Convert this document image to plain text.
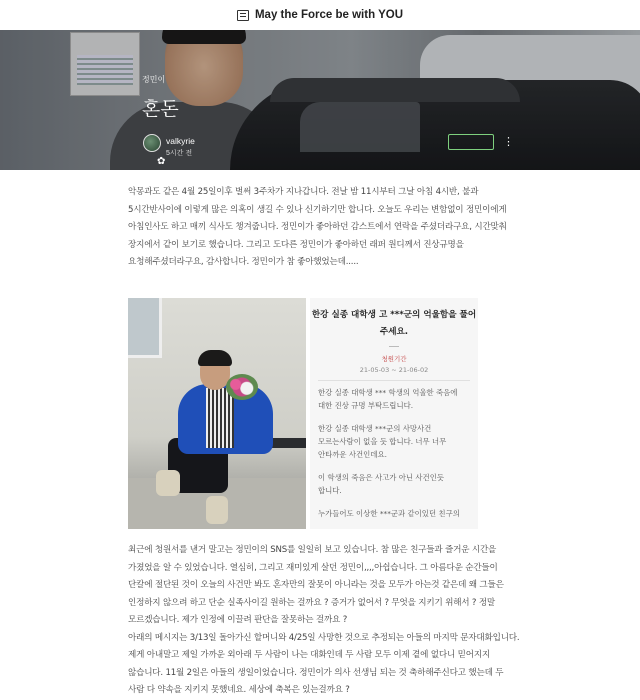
May the Force be with YOU
정민이
혼돈
valkyrie
5시간 전
✿
⋮

악몽과도 같은 4월 25일이후 벌써 3주차가 지나갑니다. 전날 밤 11시부터 그날 아침 4시반, 불과 5시간반사이에 이렇게 많은 의혹이 생길 수 있나 신기하기만 합니다. 오늘도 우리는 변함없이 정민이에게 아침인사도 하고 매끼 식사도 챙겨줍니다. 정민이가 좋아하던 감스트에서 연락을 주셨더라구요, 시간맞춰 장지에서 같이 보기로 했습니다. 그리고 도다른 정민이가 좋아하던 래퍼 원디께서 진상규명을 요청해주셨더라구요, 감사합니다. 정민이가 참 좋아했었는데.....

한강 실종 대학생 고 ***군의 억울함을 풀어주세요.
청원기간
21-05-03 ~ 21-06-02

한강 실종 대학생 *** 학생의 억울한 죽음에 대한 진상 규명 부탁드립니다.

한강 실종 대학생 ***군의 사망사건 모르는사람이 없을 듯 합니다. 너무 너무 안타까운 사건인데요.

이 학생의 죽음은 사고가 아닌 사건인듯 합니다.

누가들어도 이상한 ***군과 같이있던 친구의

최근에 청원서를 낸거 말고는 정민이의 SNS를 일일히 보고 있습니다. 참 많은 친구들과 즐거운 시간을 가졌었을 알 수 있었습니다. 열심히, 그리고 재미있게 살던 정민이,,,,아쉽습니다. 그 아름다운 순간들이 단칼에 절단된 것이 오늘의 사건만 봐도 혼자만의 잘못이 아니라는 것을 모두가 아는것 같은데 왜 그들은 인정하지 않으려 하고 단순 실족사이길 원하는 걸까요 ? 증거가 없어서 ? 무엇을 지키기 위해서 ? 정말 모르겠습니다. 제가 인정에 이끌려 판단을 잘못하는 걸까요 ?

아래의 메시지는 3/13일 돌아가신 할머니와 4/25일 사망한 것으로 추정되는 아들의 마지막 문자대화입니다. 제게 아내말고 제일 가까운 외아래 두 사람이 나는 대화인데 두 사람 모두 이제 곁에 없다니 믿어지지 않습니다. 11월 2일은 아들의 생일이었습니다. 정민이가 의사 선생님 되는 것 축하해주신다고 했는데 두 사람 다 약속을 지키지 못했네요. 세상에 축복은 있는걸까요 ?
